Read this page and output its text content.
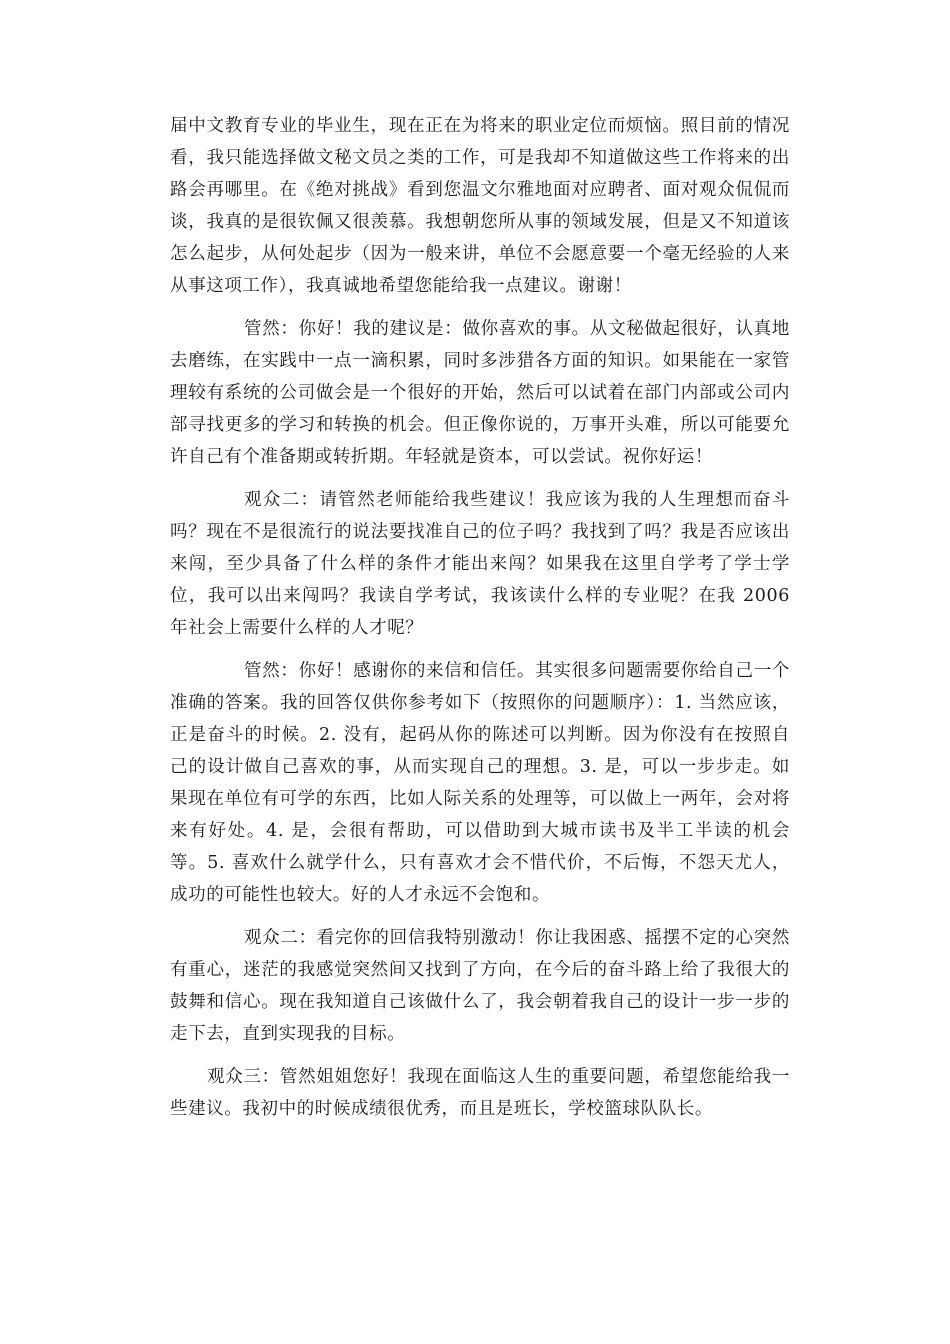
届中文教育专业的毕业生，现在正在为将来的职业定位而烦恼。照目前的情况看，我只能选择做文秘文员之类的工作，可是我却不知道做这些工作将来的出路会再哪里。在《绝对挑战》看到您温文尔雅地面对应聘者、面对观众侃侃而谈，我真的是很钦佩又很羡慕。我想朝您所从事的领域发展，但是又不知道该怎么起步，从何处起步（因为一般来讲，单位不会愿意要一个毫无经验的人来从事这项工作），我真诚地希望您能给我一点建议。谢谢！

管然：你好！我的建议是：做你喜欢的事。从文秘做起很好，认真地去磨练，在实践中一点一滴积累，同时多涉猎各方面的知识。如果能在一家管理较有系统的公司做会是一个很好的开始，然后可以试着在部门内部或公司内部寻找更多的学习和转换的机会。但正像你说的，万事开头难，所以可能要允许自己有个准备期或转折期。年轻就是资本，可以尝试。祝你好运！

观众二：请管然老师能给我些建议！我应该为我的人生理想而奋斗吗？现在不是很流行的说法要找准自己的位子吗？我找到了吗？我是否应该出来闯，至少具备了什么样的条件才能出来闯？如果我在这里自学考了学士学位，我可以出来闯吗？我读自学考试，我该读什么样的专业呢？在我 2006 年社会上需要什么样的人才呢？

管然：你好！感谢你的来信和信任。其实很多问题需要你给自己一个准确的答案。我的回答仅供你参考如下（按照你的问题顺序）：1. 当然应该，正是奋斗的时候。2. 没有，起码从你的陈述可以判断。因为你没有在按照自己的设计做自己喜欢的事，从而实现自己的理想。3. 是，可以一步步走。如果现在单位有可学的东西，比如人际关系的处理等，可以做上一两年，会对将来有好处。4. 是，会很有帮助，可以借助到大城市读书及半工半读的机会等。5. 喜欢什么就学什么，只有喜欢才会不惜代价，不后悔，不怨天尤人，成功的可能性也较大。好的人才永远不会饱和。

观众二：看完你的回信我特别激动！你让我困惑、摇摆不定的心突然有重心，迷茫的我感觉突然间又找到了方向，在今后的奋斗路上给了我很大的鼓舞和信心。现在我知道自己该做什么了，我会朝着我自己的设计一步一步的走下去，直到实现我的目标。

观众三：管然姐姐您好！我现在面临这人生的重要问题，希望您能给我一些建议。我初中的时候成绩很优秀，而且是班长，学校篮球队队长。
